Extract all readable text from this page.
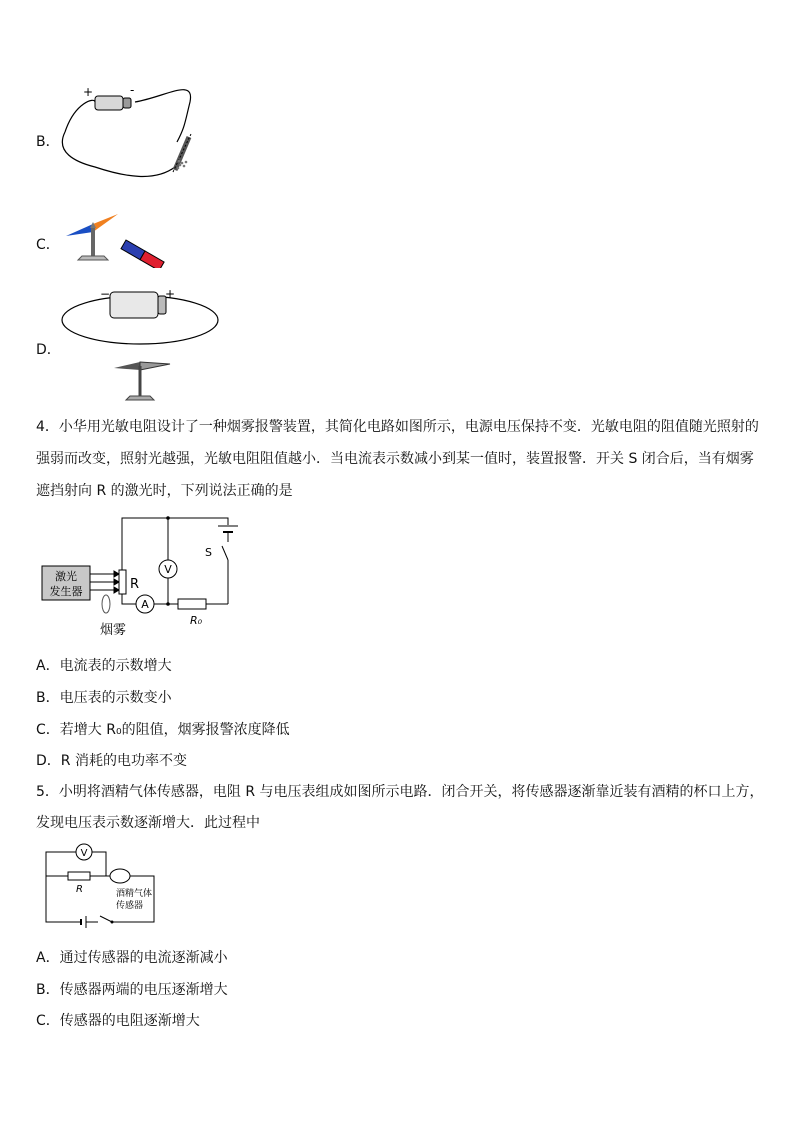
B．
+	-
C．
D．
−	+
4．小华用光敏电阻设计了一种烟雾报警装置，其简化电路如图所示，电源电压保持不变．光敏电阻的阻值随光照射的
强弱而改变，照射光越强，光敏电阻阻值越小．当电流表示数减小到某一值时，装置报警．开关 S 闭合后，当有烟雾
遮挡射向 R 的激光时，下列说法正确的是
激光
发生器	R
R₀
A
V
S
烟雾
A．电流表的示数增大
B．电压表的示数变小
C．若增大 R₀的阻值，烟雾报警浓度降低
D．R 消耗的电功率不变
5．小明将酒精气体传感器，电阻 R 与电压表组成如图所示电路．闭合开关，将传感器逐渐靠近装有酒精的杯口上方，
发现电压表示数逐渐增大．此过程中
V
R	酒精气体
传感器
A．通过传感器的电流逐渐减小
B．传感器两端的电压逐渐增大
C．传感器的电阻逐渐增大
